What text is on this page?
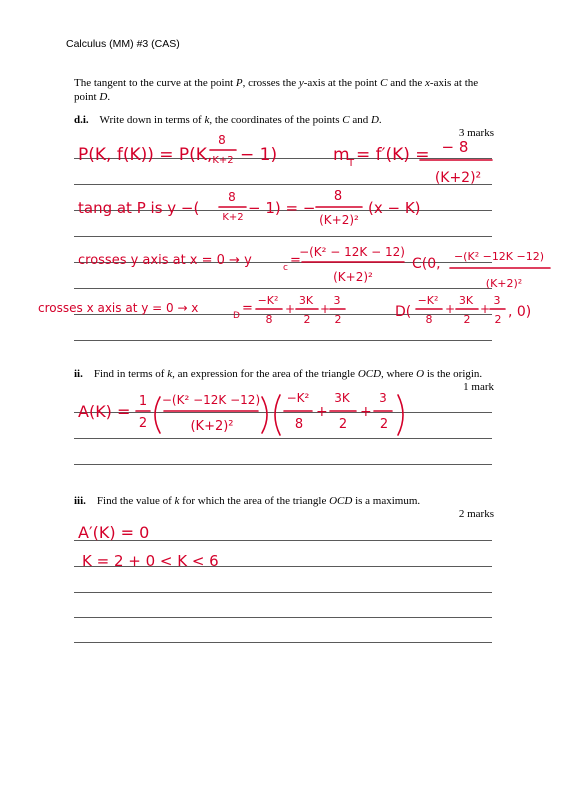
Calculus (MM) #3 (CAS)
The tangent to the curve at the point P, crosses the y-axis at the point C and the x-axis at the point D.
d.i. Write down in terms of k, the coordinates of the points C and D.
3 marks
ii. Find in terms of k, an expression for the area of the triangle OCD, where O is the origin.
1 mark
iii. Find the value of k for which the area of the triangle OCD is a maximum.
2 marks
P(K, f(K)) = P(K,
8
K+2 − 1)	m
T = f′(K) = − 8
(K+2)²
tang at P is y −(
8
K+2
− 1) = −
8
(K+2)²
(x − K)
crosses y axis at x = 0 → y	c =
−(K² − 12K − 12)
(K+2)²
C(0, −(K² −12K −12)
(K+2)²
crosses x axis at y = 0 → x
D =
−K²
8
+
3K
2
+
3
2	D(
−K²
8
+
3K
2
+
3
2 , 0)
A(K) =
1
2
−(K² −12K −12)
(K+2)²
−K²
8
+
3K
2
+
3
2
A′(K) = 0
K = 2 + 0 < K < 6
